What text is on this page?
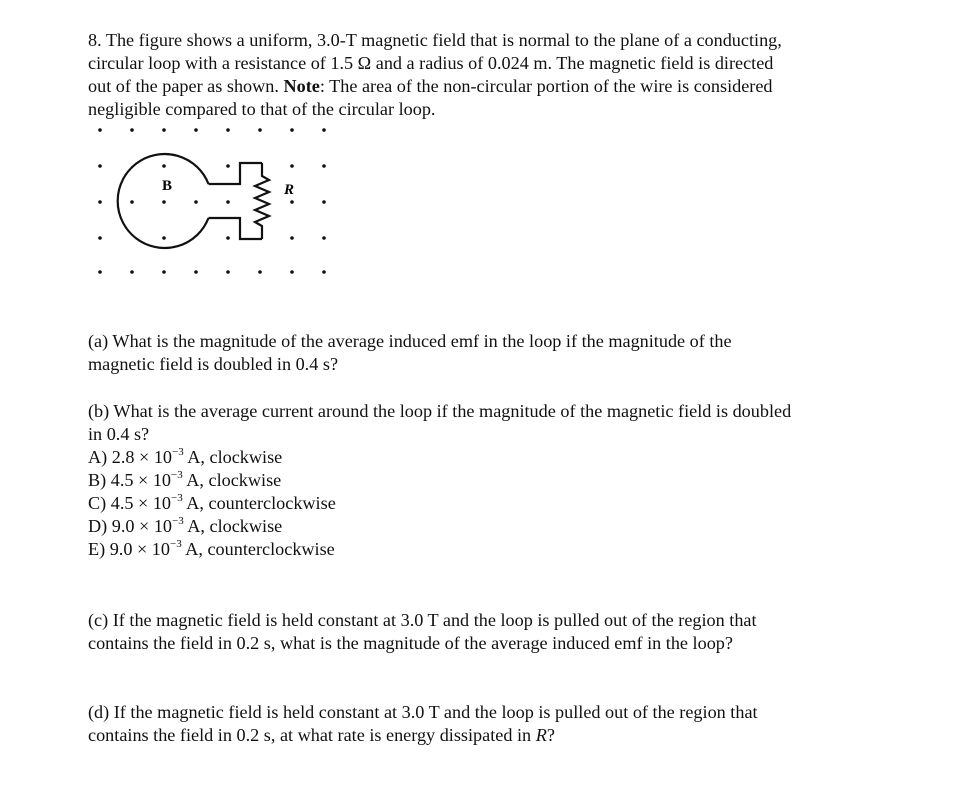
8. The figure shows a uniform, 3.0-T magnetic field that is normal to the plane of a conducting,
circular loop with a resistance of 1.5 Ω and a radius of 0.024 m. The magnetic field is directed
out of the paper as shown. Note: The area of the non-circular portion of the wire is considered
negligible compared to that of the circular loop.
B	R
(a) What is the magnitude of the average induced emf in the loop if the magnitude of the
magnetic field is doubled in 0.4 s?
(b) What is the average current around the loop if the magnitude of the magnetic field is doubled
in 0.4 s?
A) $2.8 \times 10^{-3}$ A, clockwise
B) $4.5 \times 10^{-3}$ A, clockwise
C) $4.5 \times 10^{-3}$ A, counterclockwise
D) $9.0 \times 10^{-3}$ A, clockwise
E) $9.0 \times 10^{-3}$ A, counterclockwise
(c) If the magnetic field is held constant at 3.0 T and the loop is pulled out of the region that
contains the field in 0.2 s, what is the magnitude of the average induced emf in the loop?
(d) If the magnetic field is held constant at 3.0 T and the loop is pulled out of the region that
contains the field in 0.2 s, at what rate is energy dissipated in R?
